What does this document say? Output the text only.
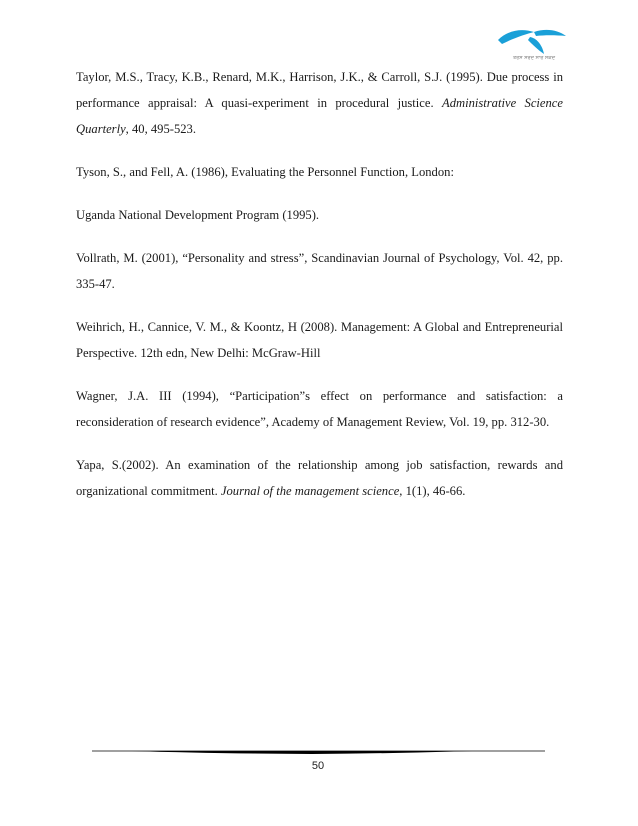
ਤਰਸ ਸਰਦ ਸਾਰ ਸਕਦ

Taylor, M.S., Tracy, K.B., Renard, M.K., Harrison, J.K., & Carroll, S.J. (1995). Due process in performance appraisal: A quasi-experiment in procedural justice. Administrative Science Quarterly, 40, 495-523.

Tyson, S., and Fell, A. (1986), Evaluating the Personnel Function, London:

Uganda National Development Program (1995).

Vollrath, M. (2001), “Personality and stress”, Scandinavian Journal of Psychology, Vol. 42, pp. 335-47.

Weihrich, H., Cannice, V. M., & Koontz, H (2008). Management: A Global and Entrepreneurial Perspective. 12th edn, New Delhi: McGraw-Hill

Wagner, J.A. III (1994), “Participation”s effect on performance and satisfaction: a reconsideration of research evidence”, Academy of Management Review, Vol. 19, pp. 312-30.

Yapa, S.(2002). An examination of the relationship among job satisfaction, rewards and organizational commitment. Journal of the management science, 1(1), 46-66.

50
